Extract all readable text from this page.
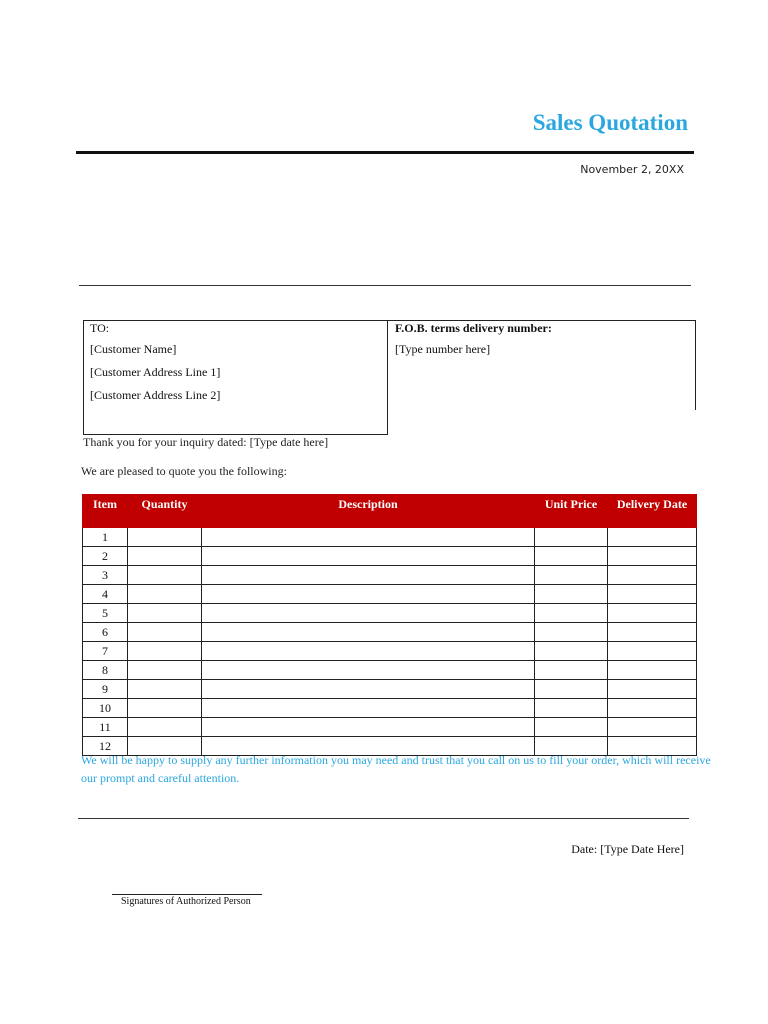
Sales Quotation
November 2, 20XX
TO:
[Customer Name]
[Customer Address Line 1]
[Customer Address Line 2]
F.O.B. terms delivery number:
[Type number here]
Thank you for your inquiry dated: [Type date here]
We are pleased to quote you the following:
Item	Quantity	Description	Unit Price	Delivery Date
1				
2				
3				
4				
5				
6				
7				
8				
9				
10				
11				
12				
We will be happy to supply any further information you may need and trust that you call on us to fill your order, which will receive our prompt and careful attention.
Date: [Type Date Here]
Signatures of Authorized Person
